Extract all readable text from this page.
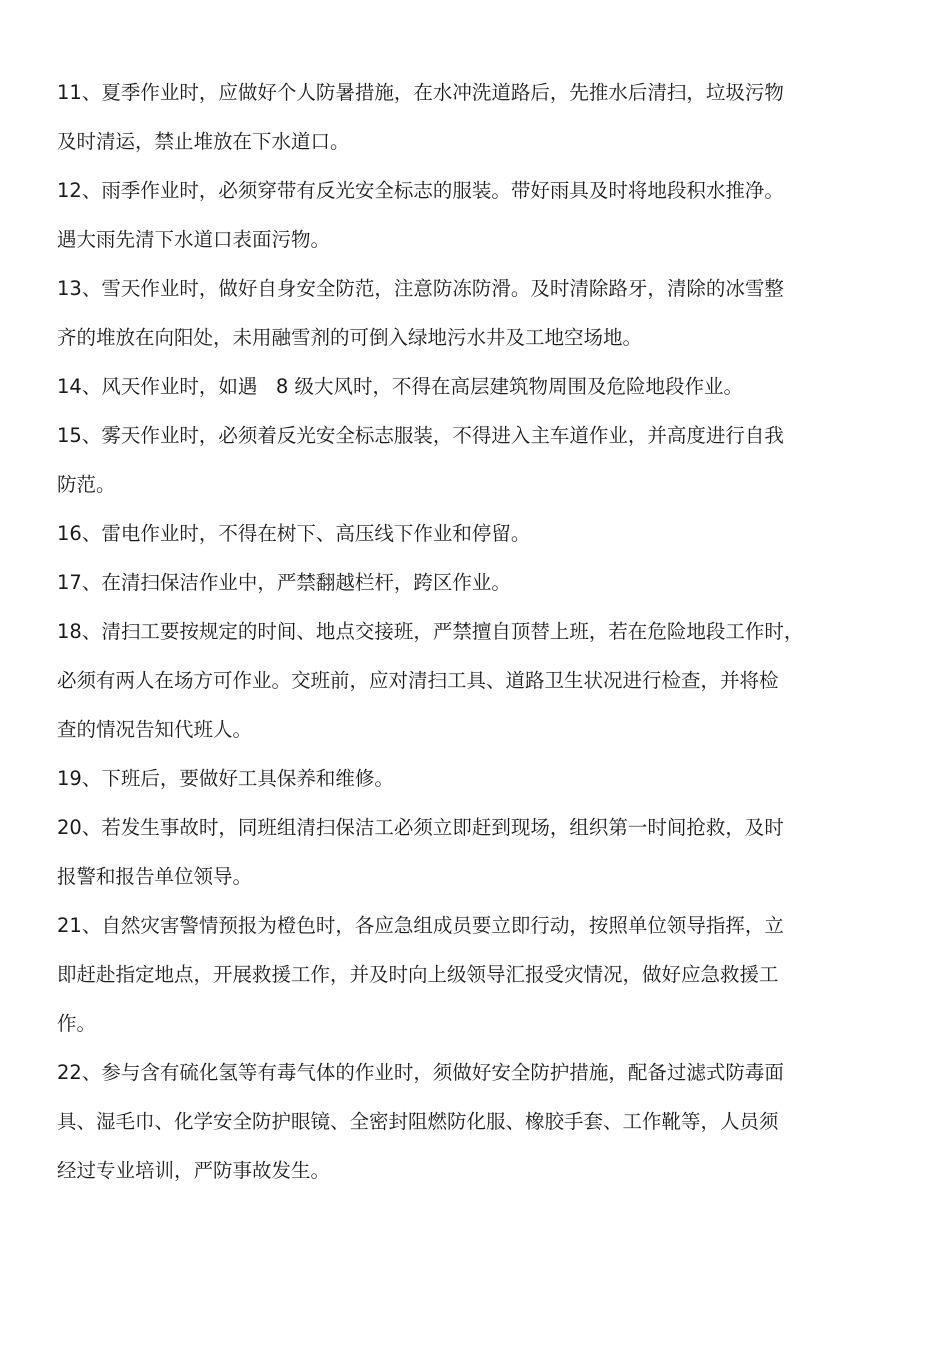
11、夏季作业时，应做好个人防暑措施，在水冲洗道路后，先推水后清扫，垃圾污物
及时清运，禁止堆放在下水道口。

12、雨季作业时，必须穿带有反光安全标志的服装。带好雨具及时将地段积水推净。
遇大雨先清下水道口表面污物。

13、雪天作业时，做好自身安全防范，注意防冻防滑。及时清除路牙，清除的冰雪整
齐的堆放在向阳处，未用融雪剂的可倒入绿地污水井及工地空场地。

14、风天作业时，如遇   8 级大风时，不得在高层建筑物周围及危险地段作业。

15、雾天作业时，必须着反光安全标志服装，不得进入主车道作业，并高度进行自我
防范。

16、雷电作业时，不得在树下、高压线下作业和停留。

17、在清扫保洁作业中，严禁翻越栏杆，跨区作业。

18、清扫工要按规定的时间、地点交接班，严禁擅自顶替上班，若在危险地段工作时，
必须有两人在场方可作业。交班前，应对清扫工具、道路卫生状况进行检查，并将检
查的情况告知代班人。

19、下班后，要做好工具保养和维修。

20、若发生事故时，同班组清扫保洁工必须立即赶到现场，组织第一时间抢救，及时
报警和报告单位领导。

21、自然灾害警情预报为橙色时，各应急组成员要立即行动，按照单位领导指挥，立
即赶赴指定地点，开展救援工作，并及时向上级领导汇报受灾情况，做好应急救援工
作。

22、参与含有硫化氢等有毒气体的作业时，须做好安全防护措施，配备过滤式防毒面
具、湿毛巾、化学安全防护眼镜、全密封阻燃防化服、橡胶手套、工作靴等，人员须
经过专业培训，严防事故发生。
